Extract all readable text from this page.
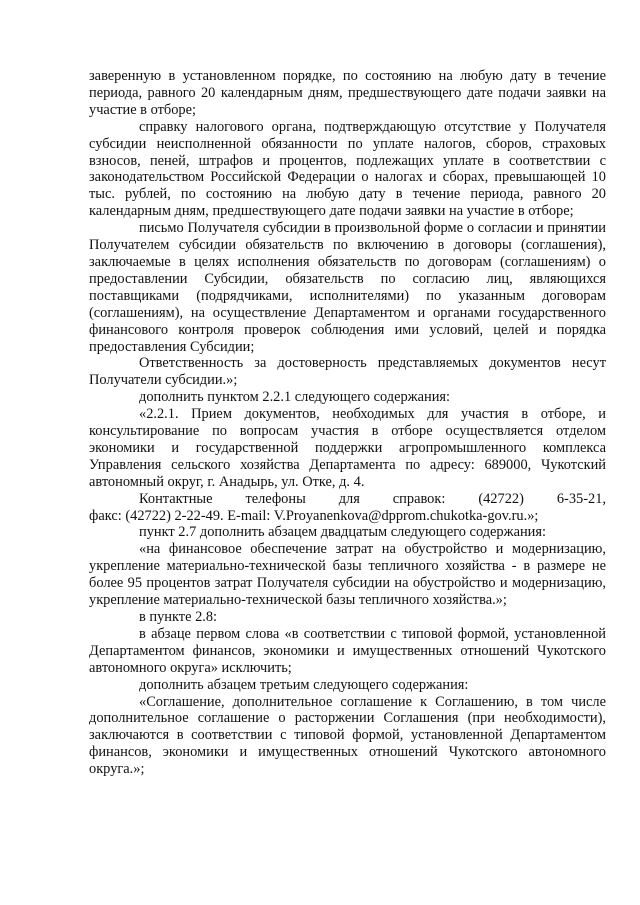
заверенную в установленном порядке, по состоянию на любую дату в течение периода, равного 20 календарным дням, предшествующего дате подачи заявки на участие в отборе;

справку налогового органа, подтверждающую отсутствие у Получателя субсидии неисполненной обязанности по уплате налогов, сборов, страховых взносов, пеней, штрафов и процентов, подлежащих уплате в соответствии с законодательством Российской Федерации о налогах и сборах, превышающей 10 тыс. рублей, по состоянию на любую дату в течение периода, равного 20 календарным дням, предшествующего дате подачи заявки на участие в отборе;

письмо Получателя субсидии в произвольной форме о согласии и принятии Получателем субсидии обязательств по включению в договоры (соглашения), заключаемые в целях исполнения обязательств по договорам (соглашениям) о предоставлении Субсидии, обязательств по согласию лиц, являющихся поставщиками (подрядчиками, исполнителями) по указанным договорам (соглашениям), на осуществление Департаментом и органами государственного финансового контроля проверок соблюдения ими условий, целей и порядка предоставления Субсидии;

Ответственность за достоверность представляемых документов несут Получатели субсидии.»;

дополнить пунктом 2.2.1 следующего содержания:

«2.2.1. Прием документов, необходимых для участия в отборе, и консультирование по вопросам участия в отборе осуществляется отделом экономики и государственной поддержки агропромышленного комплекса Управления сельского хозяйства Департамента по адресу: 689000, Чукотский автономный округ, г. Анадырь, ул. Отке, д. 4.

Контактные телефоны для справок: (42722) 6-35-21,

факс: (42722) 2-22-49. E-mail: V.Proyanenkova@dpprom.chukotka-gov.ru.»;

пункт 2.7 дополнить абзацем двадцатым следующего содержания:

«на финансовое обеспечение затрат на обустройство и модернизацию, укрепление материально-технической базы тепличного хозяйства - в размере не более 95 процентов затрат Получателя субсидии на обустройство и модернизацию, укрепление материально-технической базы тепличного хозяйства.»;

в пункте 2.8:

в абзаце первом слова «в соответствии с типовой формой, установленной Департаментом финансов, экономики и имущественных отношений Чукотского автономного округа» исключить;

дополнить абзацем третьим следующего содержания:

«Соглашение, дополнительное соглашение к Соглашению, в том числе дополнительное соглашение о расторжении Соглашения (при необходимости), заключаются в соответствии с типовой формой, установленной Департаментом финансов, экономики и имущественных отношений Чукотского автономного округа.»;
